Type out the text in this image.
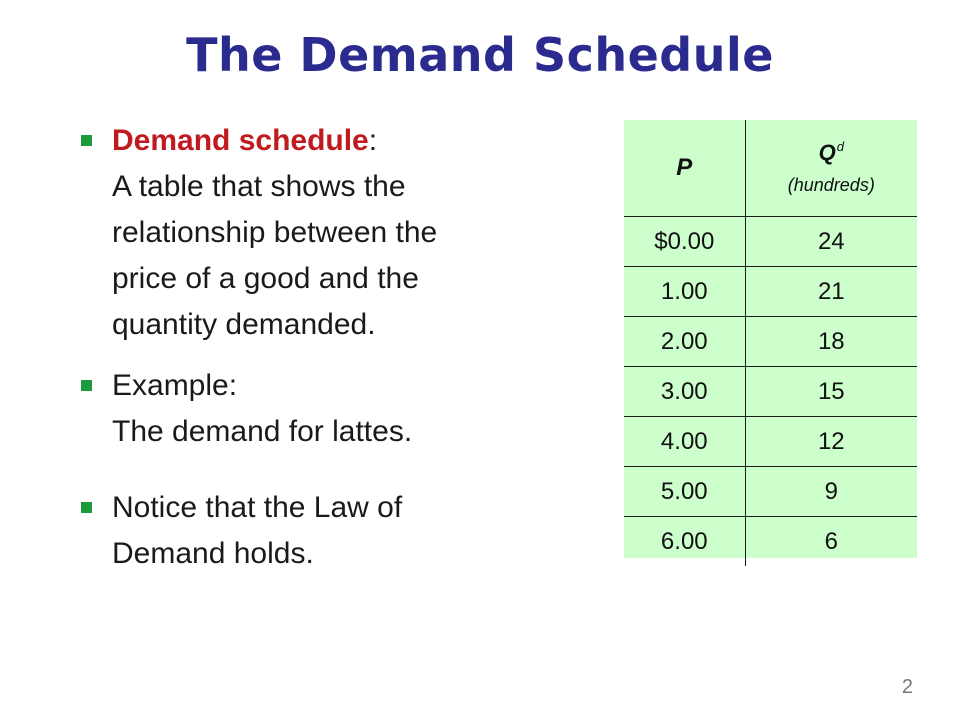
The Demand Schedule
Demand schedule:
A table that shows the
relationship between the
price of a good and the
quantity demanded.
Example:
The demand for lattes.
Notice that the Law of
Demand holds.
P	$Q^d$
(hundreds)

$0.00	24
1.00	21
2.00	18
3.00	15
4.00	12
5.00	9
6.00	6
2
